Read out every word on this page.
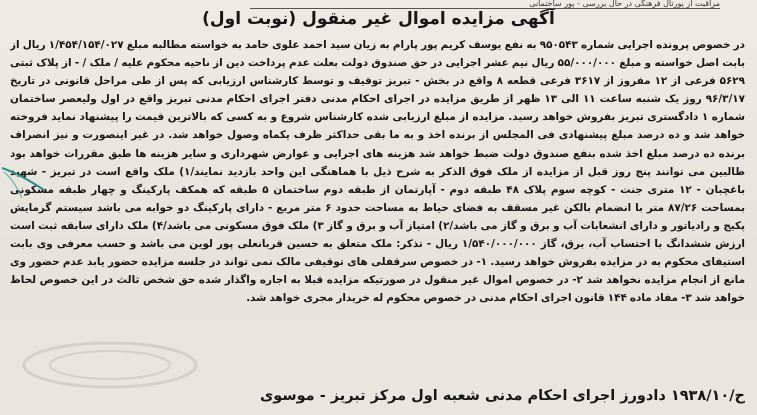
مراقبت از پورتال فرهنگی در حال بررسی - پور ساختمانی
آگهی مزایده اموال غیر منقول (نوبت اول)

در خصوص پرونده اجرایی شماره ۹۵۰۵۴۳ به نفع یوسف کریم پور پارام به زیان سید احمد علوی حامد به خواسته مطالبه مبلغ ۱/۴۵۴/۱۵۴/۰۲۷ ریال از بابت اصل خواسته و مبلغ ۵۵/۰۰۰/۰۰۰ ریال نیم عشر اجرایی در حق صندوق دولت بعلت عدم پرداخت دین از ناحیه محکوم علیه / ملک / - از پلاک ثبتی ۵۶۲۹ فرعی از ۱۲ مفروز از ۳۶۱۷ فرعی قطعه ۸ واقع در بخش - تبریز توقیف و توسط کارشناس ارزیابی که پس از طی مراحل قانونی در تاریخ ۹۶/۳/۱۷ روز یک شنبه ساعت ۱۱ الی ۱۳ ظهر از طریق مزایده در اجرای احکام مدنی دفتر اجرای احکام مدنی تبریز واقع در اول ولیعصر ساختمان شماره ۱ دادگستری تبریز بفروش خواهد رسید. مزایده از مبلغ ارزیابی شده کارشناس شروع و به کسی که بالاترین قیمت را پیشنهاد نماید فروخته خواهد شد و ده درصد مبلغ پیشنهادی فی المجلس از برنده اخذ و به ما بقی حداکثر ظرف یکماه وصول خواهد شد. در غیر اینصورت و نیز انصراف برنده ده درصد مبلغ اخذ شده بنفع صندوق دولت ضبط خواهد شد هزینه های اجرایی و عوارض شهرداری و سایر هزینه ها طبق مقررات خواهد بود طالبین می توانند پنج روز قبل از مزایده از ملک فوق الذکر به شرح ذیل با هماهنگی این واحد بازدید نمایند/۱) ملک واقع است در تبریز - شهید باغچبان - ۱۲ متری جنت - کوچه سوم پلاک ۴۸ طبقه دوم - آپارتمان از طبقه دوم ساختمان ۵ طبقه که همکف پارکینگ و چهار طبقه مسکونی بمساحت ۸۷/۲۶ متر با انضمام بالکن غیر مسقف به فضای حیاط به مساحت حدود ۶ متر مربع - دارای پارکینگ دو خوابه می باشد سیستم گرمایش پکیج و رادیاتور و دارای انشعابات آب و برق و گاز می باشد/۲) امتیاز آب و برق و گاز ۳) ملک فوق مسکونی می باشد/۴) ملک دارای سابقه ثبت است ارزش ششدانگ با احتساب آب، برق، گاز ۱/۵۴۰/۰۰۰/۰۰۰ ریال - تذکر: ملک متعلق به حسین قربانعلی پور لوین می باشد و حسب معرفی وی بابت استیفای محکوم به در مزایده بفروش خواهد رسید. ۱- در خصوص سرقفلی های توقیفی مالک نمی تواند در جلسه مزایده حضور یابد عدم حضور وی مانع از انجام مزایده نخواهد شد ۲- در خصوص اموال غیر منقول در صورتیکه مزایده قبلا به اجاره واگذار شده حق شخص ثالث در این خصوص لحاظ خواهد شد ۳- مفاد ماده ۱۴۴ قانون اجرای احکام مدنی در خصوص محکوم له خریدار مجری خواهد شد.

ح/۱۹۳۸/۱۰ دادورز اجرای احکام مدنی شعبه اول مرکز تبریز - موسوی
